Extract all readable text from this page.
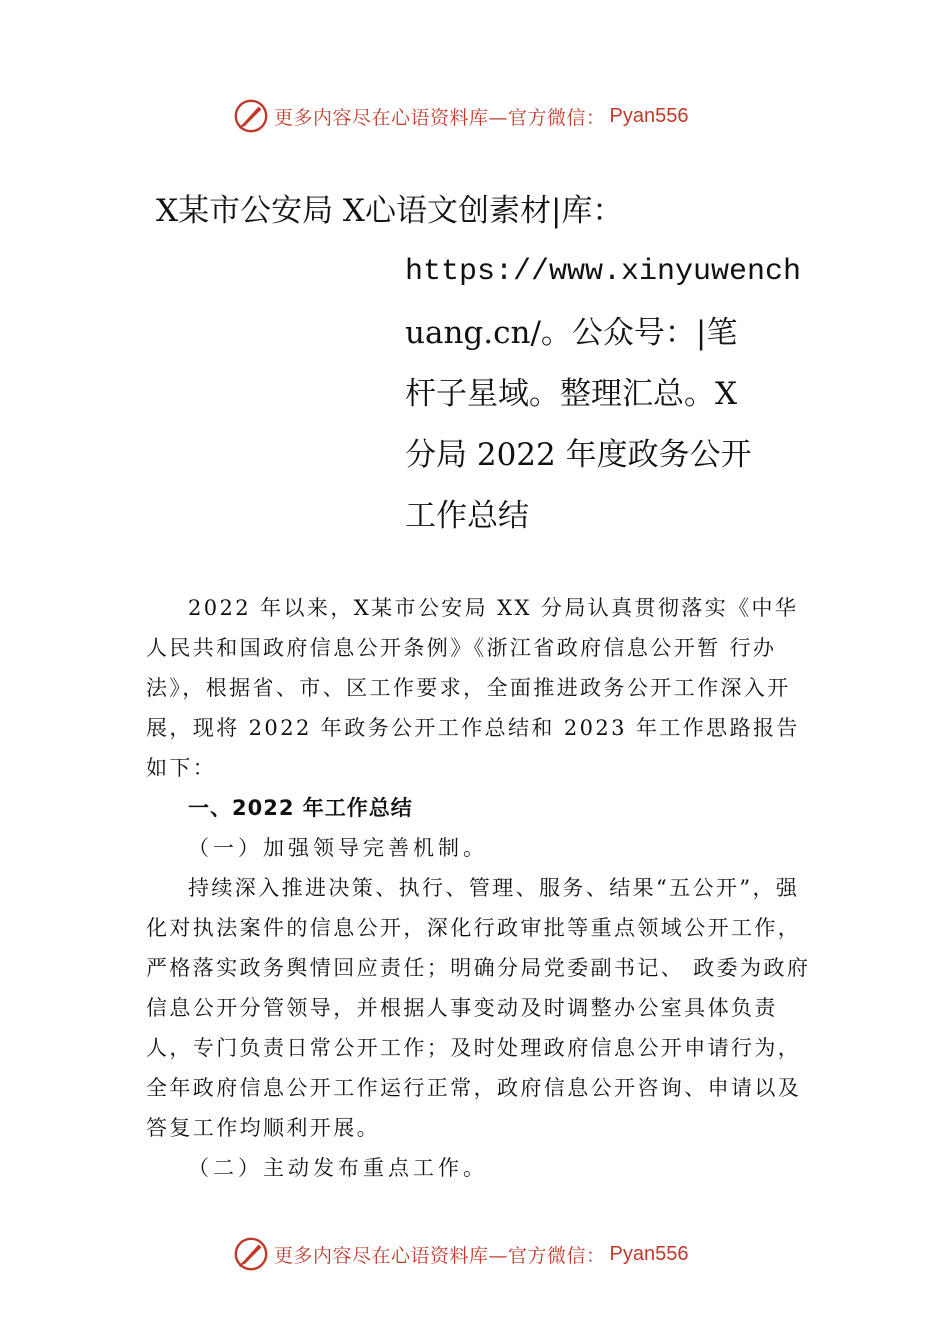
更多内容尽在心语资料库—官方微信： Pyan556
X某市公安局 X心语文创素材|库：
https://www.xinyuwench
uang.cn/。公众号：|笔
杆子星域。整理汇总。X
分局 2022 年度政务公开
工作总结

2022 年以来，X某市公安局 XX 分局认真贯彻落实《中华人民共和国政府信息公开条例》《浙江省政府信息公开暂 行办法》，根据省、市、区工作要求，全面推进政务公开工作深入开展，现将 2022 年政务公开工作总结和 2023 年工作思路报告如下：

一、2022 年工作总结

（一）加强领导完善机制。

持续深入推进决策、执行、管理、服务、结果“五公开”，强化对执法案件的信息公开，深化行政审批等重点领域公开工作，严格落实政务舆情回应责任；明确分局党委副书记、 政委为政府信息公开分管领导，并根据人事变动及时调整办公室具体负责人，专门负责日常公开工作；及时处理政府信息公开申请行为，全年政府信息公开工作运行正常，政府信息公开咨询、申请以及答复工作均顺利开展。

（二）主动发布重点工作。

更多内容尽在心语资料库—官方微信： Pyan556
